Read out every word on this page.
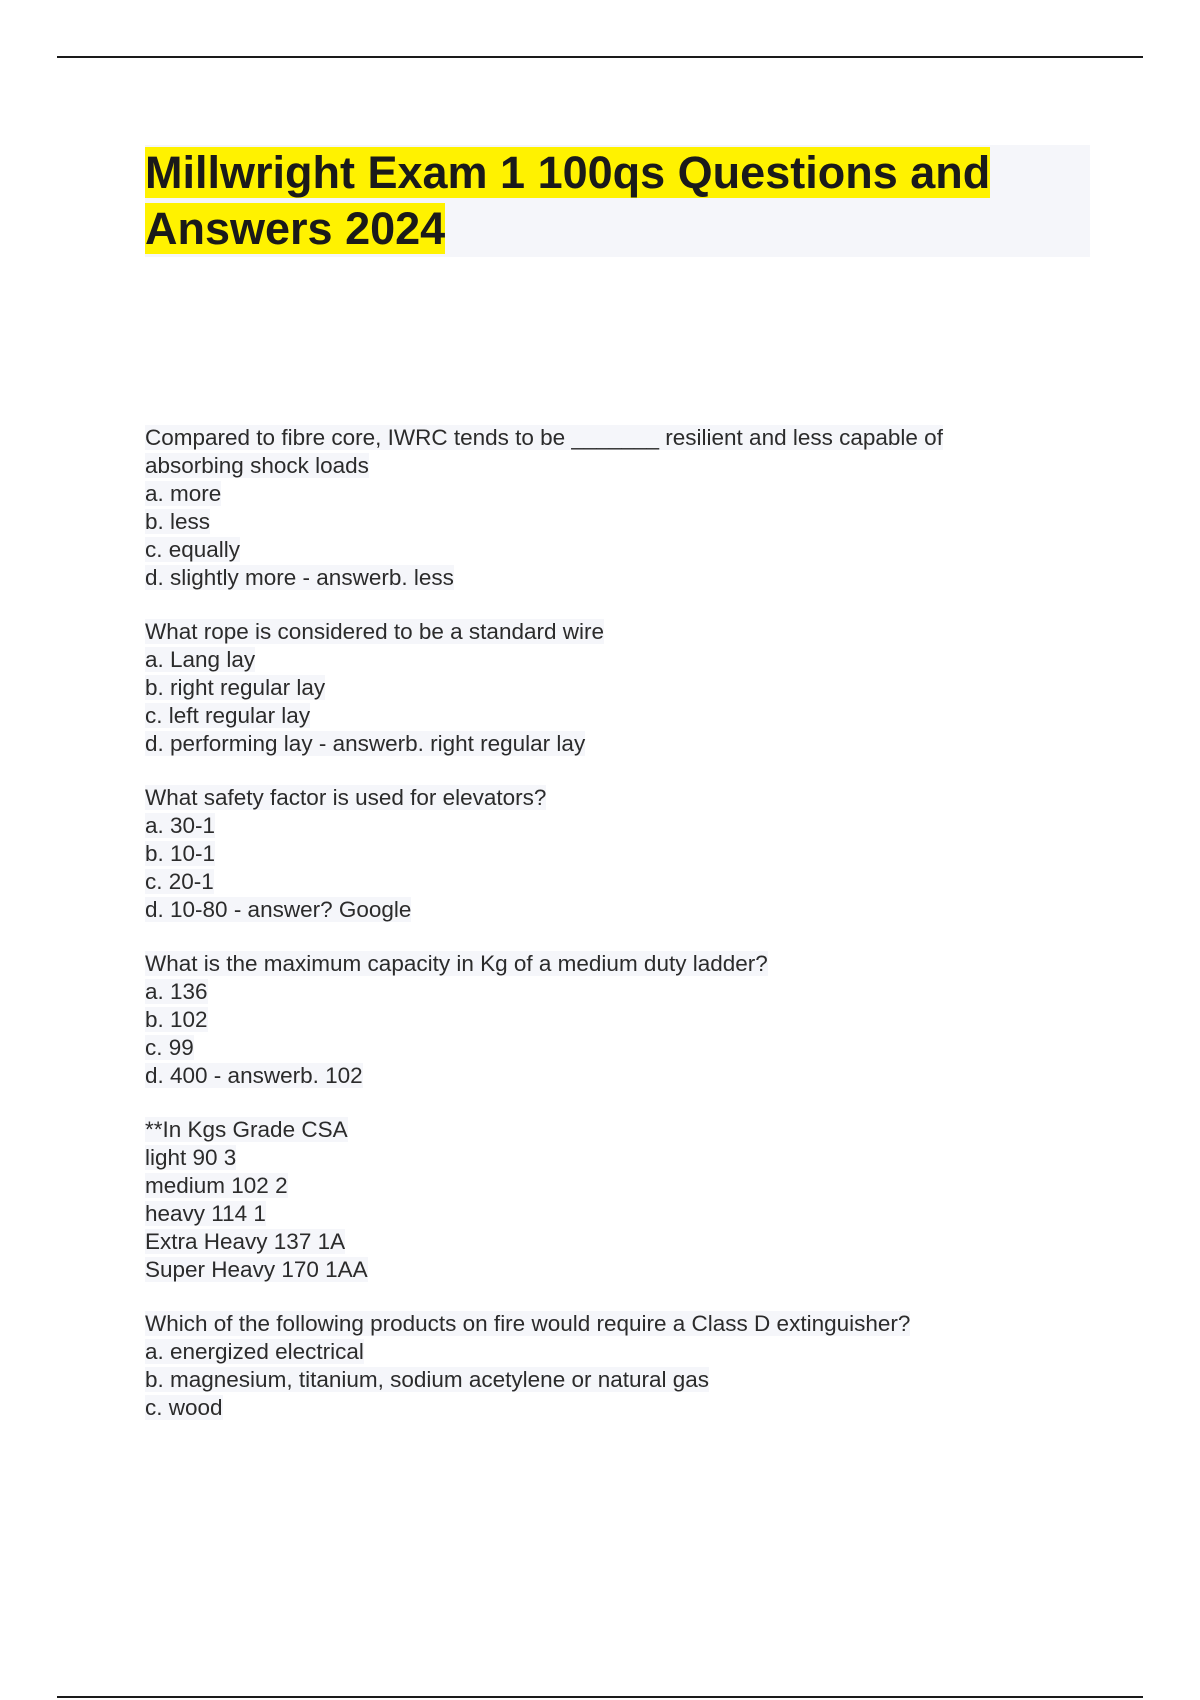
Millwright Exam 1 100qs Questions and
Answers 2024
Compared to fibre core, IWRC tends to be _______ resilient and less capable of
absorbing shock loads
a. more
b. less
c. equally
d. slightly more - answerb. less
What rope is considered to be a standard wire
a. Lang lay
b. right regular lay
c. left regular lay
d. performing lay - answerb. right regular lay
What safety factor is used for elevators?
a. 30-1
b. 10-1
c. 20-1
d. 10-80 - answer? Google
What is the maximum capacity in Kg of a medium duty ladder?
a. 136
b. 102
c. 99
d. 400 - answerb. 102
**In Kgs Grade CSA
light 90 3
medium 102 2
heavy 114 1
Extra Heavy 137 1A
Super Heavy 170 1AA
Which of the following products on fire would require a Class D extinguisher?
a. energized electrical
b. magnesium, titanium, sodium acetylene or natural gas
c. wood
